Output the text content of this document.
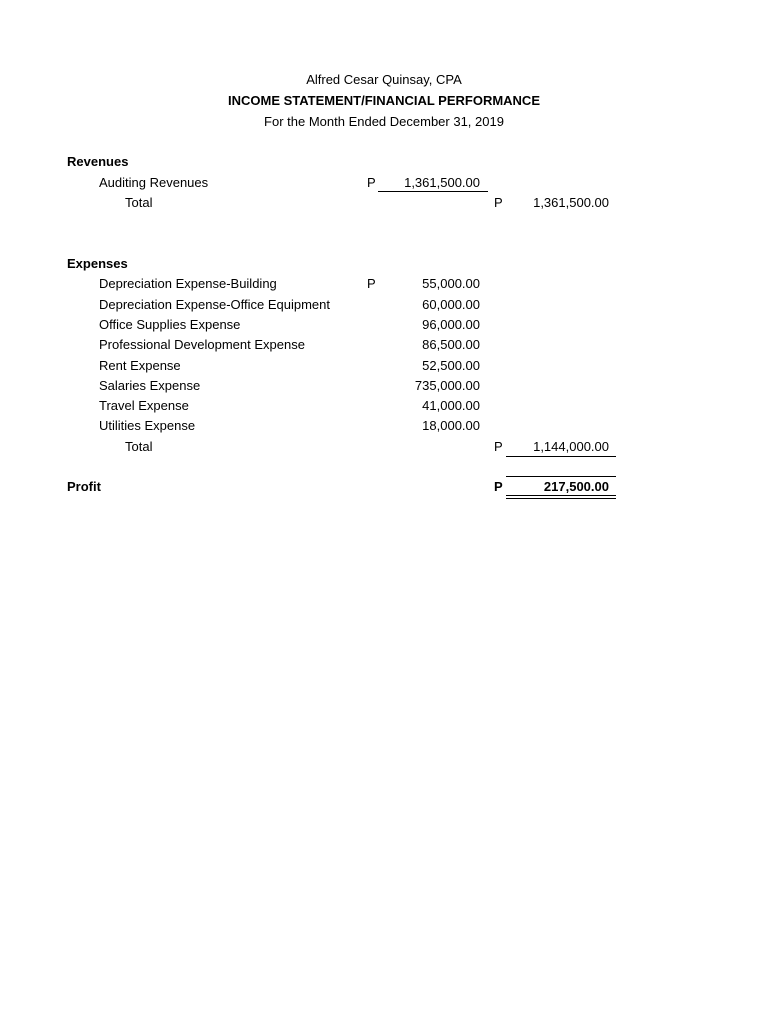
Alfred Cesar Quinsay, CPA
INCOME STATEMENT/FINANCIAL PERFORMANCE
For the Month Ended December 31, 2019
Revenues
Auditing Revenues	P	1,361,500.00
Total	P	1,361,500.00
Expenses
Depreciation Expense-Building	P	55,000.00
Depreciation Expense-Office Equipment	60,000.00
Office Supplies Expense	96,000.00
Professional Development Expense	86,500.00
Rent Expense	52,500.00
Salaries Expense	735,000.00
Travel Expense	41,000.00
Utilities Expense	18,000.00
Total	P	1,144,000.00
Profit	P	217,500.00
